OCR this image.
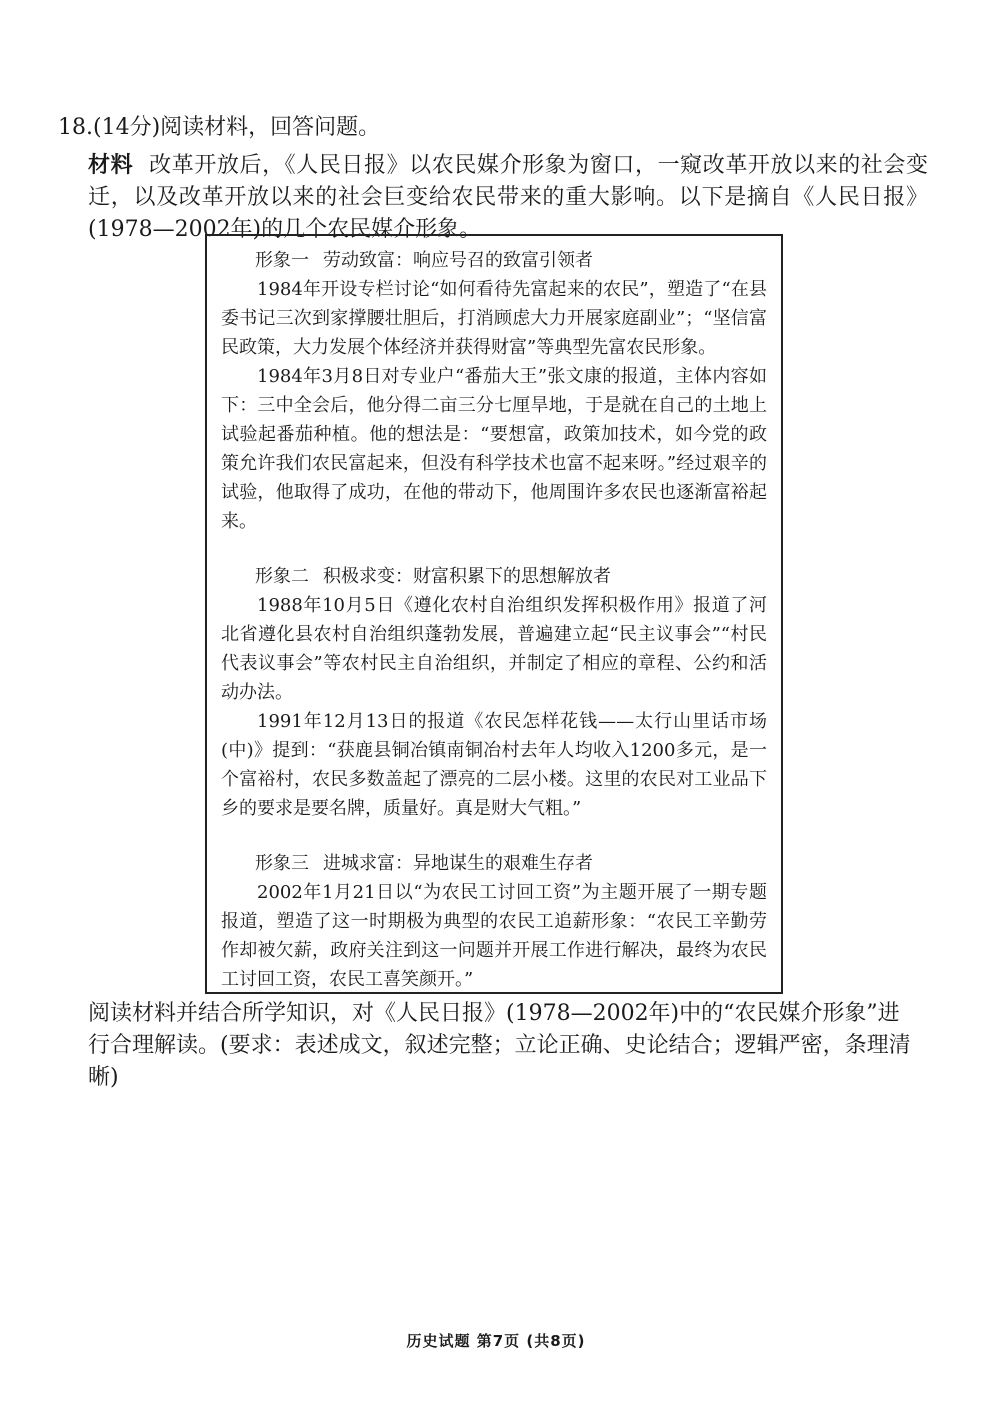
18.(14分)阅读材料，回答问题。

材料 改革开放后，《人民日报》以农民媒介形象为窗口，一窥改革开放以来的社会变迁，以及改革开放以来的社会巨变给农民带来的重大影响。以下是摘自《人民日报》(1978—2002年)的几个农民媒介形象。

形象一 劳动致富：响应号召的致富引领者

1984年开设专栏讨论“如何看待先富起来的农民”，塑造了“在县委书记三次到家撑腰壮胆后，打消顾虑大力开展家庭副业”；“坚信富民政策，大力发展个体经济并获得财富”等典型先富农民形象。

1984年3月8日对专业户“番茄大王”张文康的报道，主体内容如下：三中全会后，他分得二亩三分七厘旱地，于是就在自己的土地上试验起番茄种植。他的想法是：“要想富，政策加技术，如今党的政策允许我们农民富起来，但没有科学技术也富不起来呀。”经过艰辛的试验，他取得了成功，在他的带动下，他周围许多农民也逐渐富裕起来。

形象二 积极求变：财富积累下的思想解放者

1988年10月5日《遵化农村自治组织发挥积极作用》报道了河北省遵化县农村自治组织蓬勃发展，普遍建立起“民主议事会”“村民代表议事会”等农村民主自治组织，并制定了相应的章程、公约和活动办法。

1991年12月13日的报道《农民怎样花钱——太行山里话市场(中)》提到：“获鹿县铜冶镇南铜冶村去年人均收入1200多元，是一个富裕村，农民多数盖起了漂亮的二层小楼。这里的农民对工业品下乡的要求是要名牌，质量好。真是财大气粗。”

形象三 进城求富：异地谋生的艰难生存者

2002年1月21日以“为农民工讨回工资”为主题开展了一期专题报道，塑造了这一时期极为典型的农民工追薪形象：“农民工辛勤劳作却被欠薪，政府关注到这一问题并开展工作进行解决，最终为农民工讨回工资，农民工喜笑颜开。”

阅读材料并结合所学知识，对《人民日报》(1978—2002年)中的“农民媒介形象”进行合理解读。(要求：表述成文，叙述完整；立论正确、史论结合；逻辑严密，条理清晰)

历史试题 第7页 (共8页)
